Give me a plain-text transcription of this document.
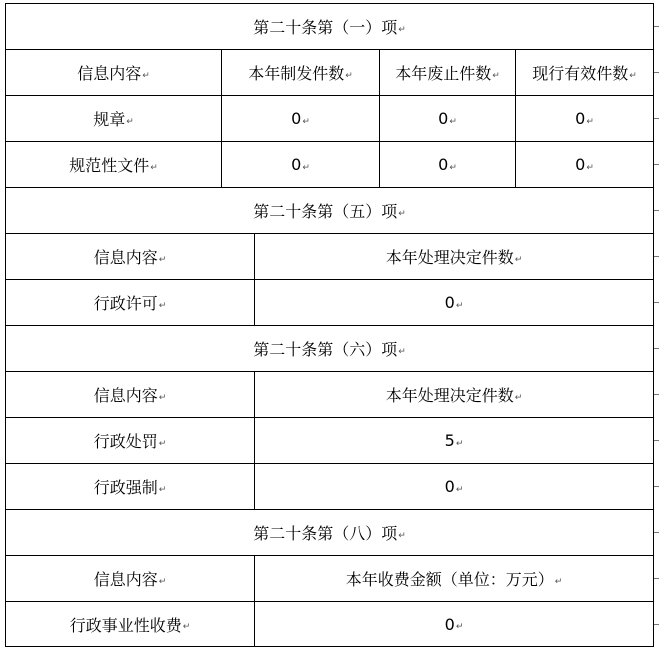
第二十条第（一）项 ↵
信息内容 ↵	本年制发件数 ↵	本年废止件数 ↵ 现行有效件数 ↵
规章 ↵	0 ↵	0 ↵	0 ↵
规范性文件 ↵	0 ↵	0 ↵	0 ↵
第二十条第（五）项 ↵
信息内容 ↵	本年处理决定件数 ↵
行政许可 ↵	0 ↵
第二十条第（六）项 ↵
信息内容 ↵	本年处理决定件数 ↵
行政处罚 ↵	5 ↵
行政强制 ↵	0 ↵
第二十条第（八）项 ↵
信息内容 ↵	本年收费金额（单位：万元） ↵
行政事业性收费 ↵	0 ↵
